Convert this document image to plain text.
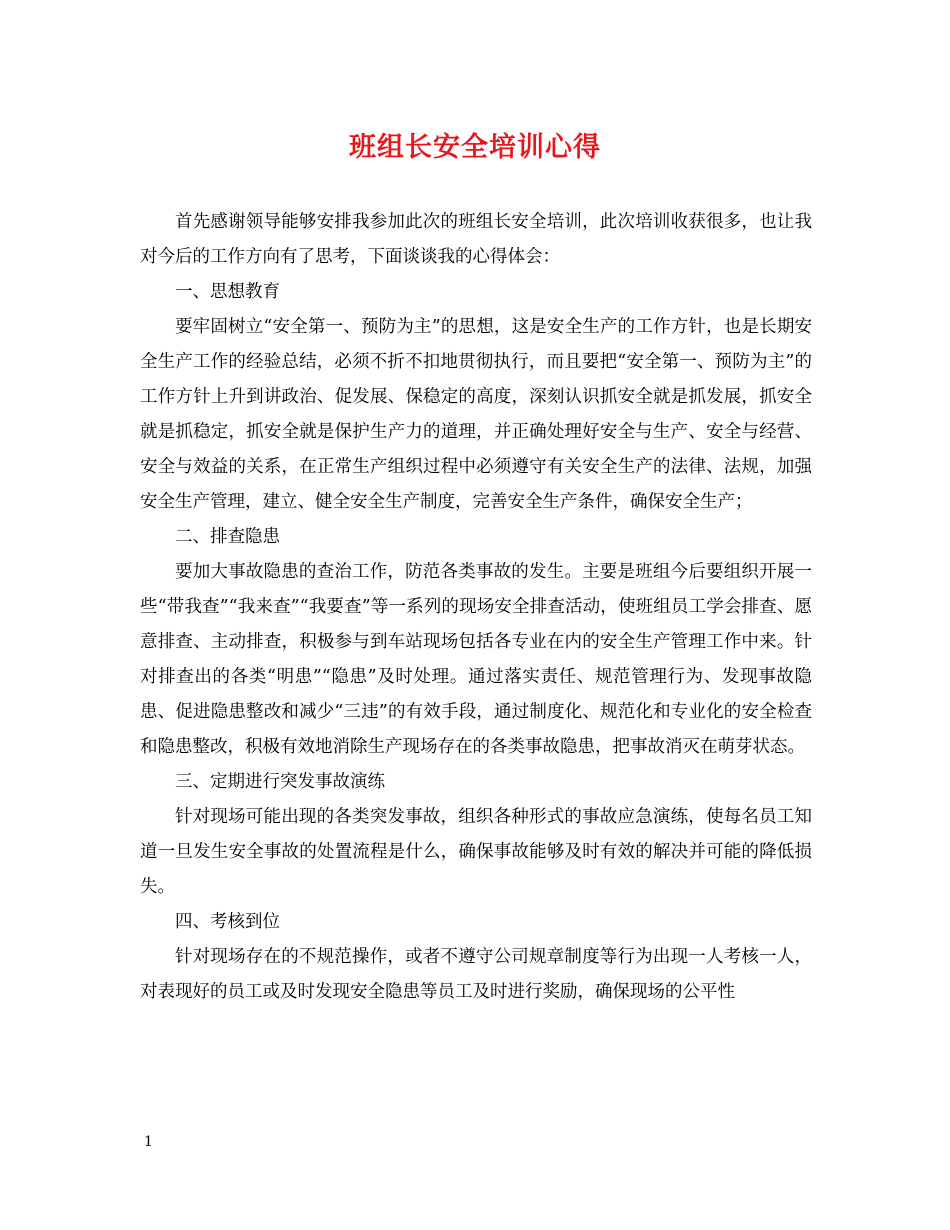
班组长安全培训心得

首先感谢领导能够安排我参加此次的班组长安全培训，此次培训收获很多，也让我对今后的工作方向有了思考，下面谈谈我的心得体会：

一、思想教育

要牢固树立“安全第一、预防为主”的思想，这是安全生产的工作方针，也是长期安全生产工作的经验总结，必须不折不扣地贯彻执行，而且要把“安全第一、预防为主”的工作方针上升到讲政治、促发展、保稳定的高度，深刻认识抓安全就是抓发展，抓安全就是抓稳定，抓安全就是保护生产力的道理，并正确处理好安全与生产、安全与经营、安全与效益的关系，在正常生产组织过程中必须遵守有关安全生产的法律、法规，加强安全生产管理，建立、健全安全生产制度，完善安全生产条件，确保安全生产；

二、排查隐患

要加大事故隐患的查治工作，防范各类事故的发生。主要是班组今后要组织开展一些“带我查”“我来查”“我要查”等一系列的现场安全排查活动，使班组员工学会排查、愿意排查、主动排查，积极参与到车站现场包括各专业在内的安全生产管理工作中来。针对排查出的各类“明患”“隐患”及时处理。通过落实责任、规范管理行为、发现事故隐患、促进隐患整改和减少“三违”的有效手段，通过制度化、规范化和专业化的安全检查和隐患整改，积极有效地消除生产现场存在的各类事故隐患，把事故消灭在萌芽状态。

三、定期进行突发事故演练

针对现场可能出现的各类突发事故，组织各种形式的事故应急演练，使每名员工知道一旦发生安全事故的处置流程是什么，确保事故能够及时有效的解决并可能的降低损失。

四、考核到位

针对现场存在的不规范操作，或者不遵守公司规章制度等行为出现一人考核一人，对表现好的员工或及时发现安全隐患等员工及时进行奖励，确保现场的公平性

1
